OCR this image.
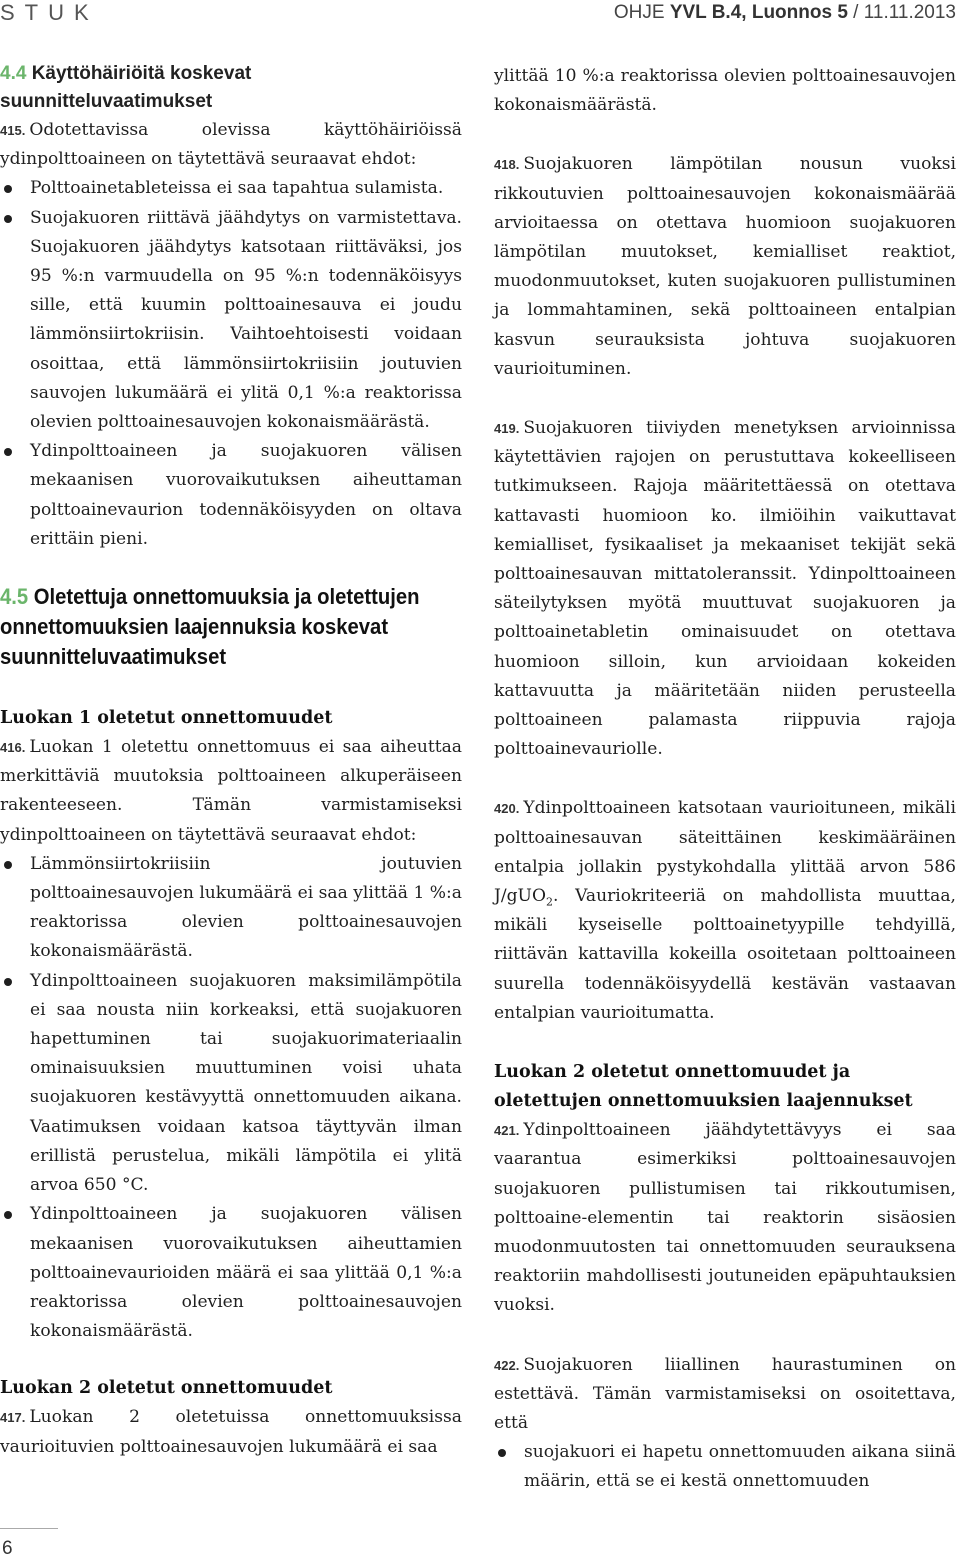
STUK	OHJE YVL B.4, Luonnos 5 / 11.11.2013
4.4 Käyttöhäiriöitä koskevat suunnitteluvaatimukset

415. Odotettavissa olevissa käyttöhäiriöissä ydinpolttoaineen on täytettävä seuraavat ehdot:

Polttoainetableteissa ei saa tapahtua sulamista.
Suojakuoren riittävä jäähdytys on varmistettava. Suojakuoren jäähdytys katsotaan riittäväksi, jos 95 %:n varmuudella on 95 %:n todennäköisyys sille, että kuumin polttoainesauva ei joudu lämmönsiirtokriisin. Vaihtoehtoisesti voidaan osoittaa, että lämmönsiirtokriisiin joutuvien sauvojen lukumäärä ei ylitä 0,1 %:a reaktorissa olevien polttoainesauvojen kokonaismäärästä.
Ydinpolttoaineen ja suojakuoren välisen mekaanisen vuorovaikutuksen aiheuttaman polttoainevaurion todennäköisyyden on oltava erittäin pieni.
4.5 Oletettuja onnettomuuksia ja oletettujen onnettomuuksien laajennuksia koskevat suunnitteluvaatimukset
Luokan 1 oletetut onnettomuudet

416. Luokan 1 oletettu onnettomuus ei saa aiheuttaa merkittäviä muutoksia polttoaineen alkuperäiseen rakenteeseen. Tämän varmistamiseksi ydinpolttoaineen on täytettävä seuraavat ehdot:

Lämmönsiirtokriisiin joutuvien polttoainesauvojen lukumäärä ei saa ylittää 1 %:a reaktorissa olevien polttoainesauvojen kokonaismäärästä.
Ydinpolttoaineen suojakuoren maksimilämpötila ei saa nousta niin korkeaksi, että suojakuoren hapettuminen tai suojakuorimateriaalin ominaisuuksien muuttuminen voisi uhata suojakuoren kestävyyttä onnettomuuden aikana. Vaatimuksen voidaan katsoa täyttyvän ilman erillistä perustelua, mikäli lämpötila ei ylitä arvoa 650 °C.
Ydinpolttoaineen ja suojakuoren välisen mekaanisen vuorovaikutuksen aiheuttamien polttoainevaurioiden määrä ei saa ylittää 0,1 %:a reaktorissa olevien polttoainesauvojen kokonaismäärästä.
Luokan 2 oletetut onnettomuudet

417. Luokan 2 oletetuissa onnettomuuksissa vaurioituvien polttoainesauvojen lukumäärä ei saa

ylittää 10 %:a reaktorissa olevien polttoainesauvojen kokonaismäärästä.

418. Suojakuoren lämpötilan nousun vuoksi rikkoutuvien polttoainesauvojen kokonaismäärää arvioitaessa on otettava huomioon suojakuoren lämpötilan muutokset, kemialliset reaktiot, muodonmuutokset, kuten suojakuoren pullistuminen ja lommahtaminen, sekä polttoaineen entalpian kasvun seurauksista johtuva suojakuoren vaurioituminen.

419. Suojakuoren tiiviyden menetyksen arvioinnissa käytettävien rajojen on perustuttava kokeelliseen tutkimukseen. Rajoja määritettäessä on otettava kattavasti huomioon ko. ilmiöihin vaikuttavat kemialliset, fysikaaliset ja mekaaniset tekijät sekä polttoainesauvan mittatoleranssit. Ydinpolttoaineen säteilytyksen myötä muuttuvat suojakuoren ja polttoainetabletin ominaisuudet on otettava huomioon silloin, kun arvioidaan kokeiden kattavuutta ja määritetään niiden perusteella polttoaineen palamasta riippuvia rajoja polttoainevauriolle.

420. Ydinpolttoaineen katsotaan vaurioituneen, mikäli polttoainesauvan säteittäinen keskimääräinen entalpia jollakin pystykohdalla ylittää arvon 586 J/gUO$_2$. Vauriokriteeriä on mahdollista muuttaa, mikäli kyseiselle polttoainetyypille tehdyillä, riittävän kattavilla kokeilla osoitetaan polttoaineen suurella todennäköisyydellä kestävän vastaavan entalpian vaurioitumatta.

Luokan 2 oletetut onnettomuudet ja oletettujen onnettomuuksien laajennukset

421. Ydinpolttoaineen jäähdytettävyys ei saa vaarantua esimerkiksi polttoainesauvojen suojakuoren pullistumisen tai rikkoutumisen, polttoaine-elementin tai reaktorin sisäosien muodonmuutosten tai onnettomuuden seurauksena reaktoriin mahdollisesti joutuneiden epäpuhtauksien vuoksi.

422. Suojakuoren liiallinen haurastuminen on estettävä. Tämän varmistamiseksi on osoitettava, että

suojakuori ei hapetu onnettomuuden aikana siinä määrin, että se ei kestä onnettomuuden
6
